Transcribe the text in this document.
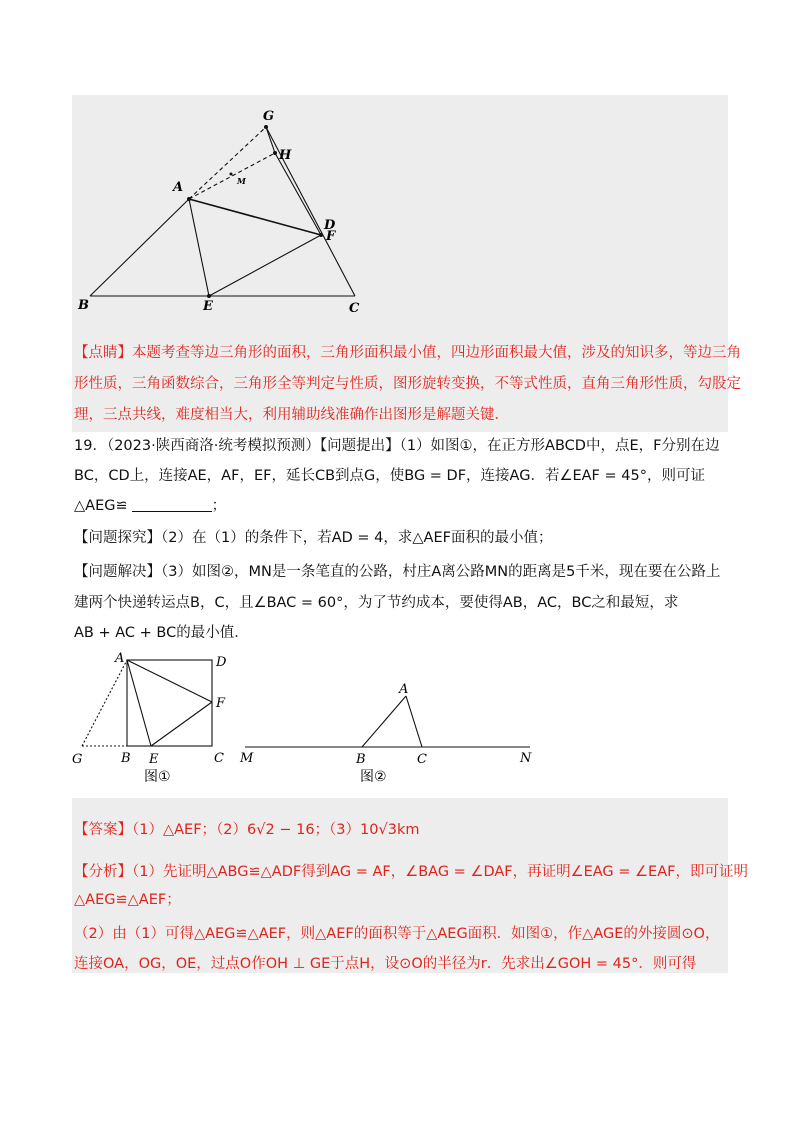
G
H
M
A
D
F
B	E	C
【点睛】本题考查等边三角形的面积，三角形面积最小值，四边形面积最大值，涉及的知识多，等边三角
形性质，三角函数综合，三角形全等判定与性质，图形旋转变换，不等式性质，直角三角形性质，勾股定
理，三点共线，难度相当大，利用辅助线准确作出图形是解题关键．
19．（2023·陕西商洛·统考模拟预测）【问题提出】（1）如图①，在正方形ABCD中，点E，F分别在边
BC，CD上，连接AE，AF，EF，延长CB到点G，使BG = DF，连接AG．若∠EAF = 45°，则可证
△AEG≌	；
【问题探究】（2）在（1）的条件下，若AD = 4，求△AEF面积的最小值；
【问题解决】（3）如图②，MN是一条笔直的公路，村庄A离公路MN的距离是5千米，现在要在公路上
建两个快递转运点B，C，且∠BAC = 60°，为了节约成本，要使得AB，AC，BC之和最短，求
AB + AC + BC的最小值．
A	D
F
G	B E	C
图①
A
M	B	C	N
图②
【答案】（1）△AEF；（2）6√2 − 16；（3）10√3km
【分析】（1）先证明△ABG≌△ADF得到AG = AF，∠BAG = ∠DAF，再证明∠EAG = ∠EAF，即可证明
△AEG≌△AEF；
（2）由（1）可得△AEG≌△AEF，则△AEF的面积等于△AEG面积．如图①，作△AGE的外接圆⊙O，
连接OA，OG，OE，过点O作OH ⊥ GE于点H，设⊙O的半径为r．先求出∠GOH = 45°．则可得
